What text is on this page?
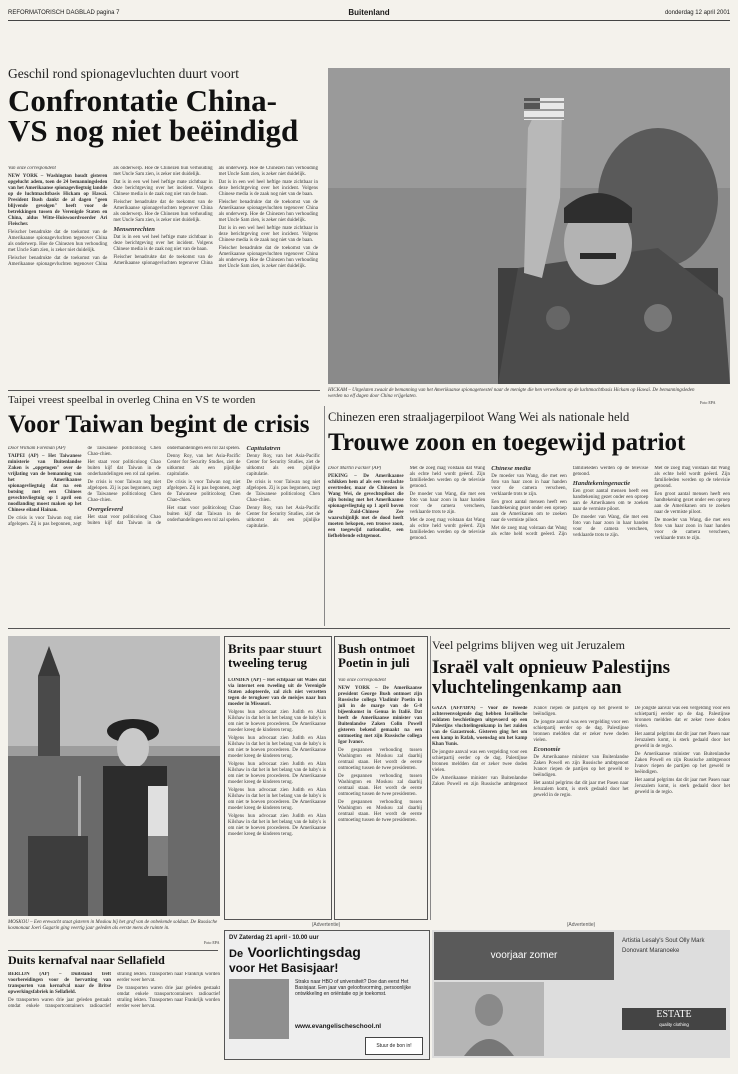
REFORMATORISCH DAGBLAD pagina 7	Buitenland	donderdag 12 april 2001
Geschil rond spionagevluchten duurt voort
Confrontatie China-VS nog niet beëindigd

Van onze correspondent

NEW YORK – Washington houdt gisteren opgelucht adem, toen de 24 bemanningsleden van het Amerikaanse spionagevliegtuig landde op de luchtmachtbasis Hickam op Hawaï. President Bush dankt de al dagen "geen blijvende gevolgen" heeft voor de betrekkingen tussen de Verenigde Staten en China, aldus Witte-Huiswoordvoerder Ari Fleischer.

Fleischer benadrukte dat de toekomst van de Amerikaanse spionagevluchten tegenover China als onderwerp. Hoe de Chinezen hun verhouding met Uncle Sam zien, is zeker niet duidelijk.

Fleischer benadrukte dat de toekomst van de Amerikaanse spionagevluchten tegenover China als onderwerp. Hoe de Chinezen hun verhouding met Uncle Sam zien, is zeker niet duidelijk.

Dat is in een wel heel heftige mate zichtbaar in deze berichtgeving over het incident. Volgens Chinese media is de zaak nog niet van de baan.

Fleischer benadrukte dat de toekomst van de Amerikaanse spionagevluchten tegenover China als onderwerp. Hoe de Chinezen hun verhouding met Uncle Sam zien, is zeker niet duidelijk.

Mensenrechten

Dat is in een wel heel heftige mate zichtbaar in deze berichtgeving over het incident. Volgens Chinese media is de zaak nog niet van de baan.

Fleischer benadrukte dat de toekomst van de Amerikaanse spionagevluchten tegenover China als onderwerp. Hoe de Chinezen hun verhouding met Uncle Sam zien, is zeker niet duidelijk.

Dat is in een wel heel heftige mate zichtbaar in deze berichtgeving over het incident. Volgens Chinese media is de zaak nog niet van de baan.

Fleischer benadrukte dat de toekomst van de Amerikaanse spionagevluchten tegenover China als onderwerp. Hoe de Chinezen hun verhouding met Uncle Sam zien, is zeker niet duidelijk.

Dat is in een wel heel heftige mate zichtbaar in deze berichtgeving over het incident. Volgens Chinese media is de zaak nog niet van de baan.

Fleischer benadrukte dat de toekomst van de Amerikaanse spionagevluchten tegenover China als onderwerp. Hoe de Chinezen hun verhouding met Uncle Sam zien, is zeker niet duidelijk.

HICKAM – Uitgelaten zwaait de bemanning van het Amerikaanse spionagetoestel naar de menigte die hen verwelkomt op de luchtmachtbasis Hickam op Hawaï. De bemanningsleden werden na elf dagen door China vrijgelaten.
Foto EPA
Taipei vreest speelbal in overleg China en VS te worden
Voor Taiwan begint de crisis

Door William Foreman (AP)

TAIPEI (AP) – Het Taiwanese ministerie van Buitenlandse Zaken is „opgetogen" over de vrijlating van de bemanning van het Amerikaanse spionagevliegtuig dat na een botsing met een Chinees gevechtsvliegtuig op 1 april een noodlanding moest maken op het Chinese eiland Hainan.

De crisis is voor Taiwan nog niet afgelopen. Zij is pas begonnen, zegt de Taiwanese politicoloog Chen Chao-chien.

Het staat voor politicoloog Chao buiten kijf dat Taiwan in de onderhandelingen een rol zal spelen.

De crisis is voor Taiwan nog niet afgelopen. Zij is pas begonnen, zegt de Taiwanese politicoloog Chen Chao-chien.

Overgeleverd

Het staat voor politicoloog Chao buiten kijf dat Taiwan in de onderhandelingen een rol zal spelen.

Denny Roy, van het Asia-Pacific Center for Security Studies, ziet de uitkomst als een pijnlijke capitulatie.

De crisis is voor Taiwan nog niet afgelopen. Zij is pas begonnen, zegt de Taiwanese politicoloog Chen Chao-chien.

Het staat voor politicoloog Chao buiten kijf dat Taiwan in de onderhandelingen een rol zal spelen.

Capitulatren

Denny Roy, van het Asia-Pacific Center for Security Studies, ziet de uitkomst als een pijnlijke capitulatie.

De crisis is voor Taiwan nog niet afgelopen. Zij is pas begonnen, zegt de Taiwanese politicoloog Chen Chao-chien.

Denny Roy, van het Asia-Pacific Center for Security Studies, ziet de uitkomst als een pijnlijke capitulatie.

Chinezen eren straaljagerpiloot Wang Wei als nationale held
Trouwe zoon en toegewijd patriot

Door Martin Fackler (AP)

PEKING – De Amerikaanse schikken hem af als een verdachte overtreder, maar de Chinezen is Wang Wei, de gevechtspiloot die zijn botsing met het Amerikaanse spionagevliegtuig op 1 april boven de Zuid-Chinese Zee waarschijnlijk met de dood heeft moeten bekopen, een trouwe zoon, een toegewijd nationalist, een liefhebbende echtgenoot.

Met de zoeg mag volstaan dat Wang als echte held wordt geëerd. Zijn familieleden werden op de televisie getoond.

De moeder van Wang, die met een foto van haar zoon in haar handen voor de camera verscheen, verklaarde trots te zijn.

Met de zoeg mag volstaan dat Wang als echte held wordt geëerd. Zijn familieleden werden op de televisie getoond.

Chinese media

De moeder van Wang, die met een foto van haar zoon in haar handen voor de camera verscheen, verklaarde trots te zijn.

Een groot aantal mensen heeft een handtekening gezet onder een oproep aan de Amerikanen om te zoeken naar de vermiste piloot.

Met de zoeg mag volstaan dat Wang als echte held wordt geëerd. Zijn familieleden werden op de televisie getoond.

Handtekeningenactie

Een groot aantal mensen heeft een handtekening gezet onder een oproep aan de Amerikanen om te zoeken naar de vermiste piloot.

De moeder van Wang, die met een foto van haar zoon in haar handen voor de camera verscheen, verklaarde trots te zijn.

Met de zoeg mag volstaan dat Wang als echte held wordt geëerd. Zijn familieleden werden op de televisie getoond.

Een groot aantal mensen heeft een handtekening gezet onder een oproep aan de Amerikanen om te zoeken naar de vermiste piloot.

De moeder van Wang, die met een foto van haar zoon in haar handen voor de camera verscheen, verklaarde trots te zijn.

MOSKOU – Een erewacht staat gisteren in Moskou bij het graf van de onbekende soldaat. De Russische kosmonaut Joeri Gagarin ging veertig jaar geleden als eerste mens de ruimte in.
Foto EPA
Brits paar stuurt tweeling terug

LONDEN (AP) – Het echtpaar uit Wales dat via internet een tweeling uit de Verenigde Staten adopteerde, zal zich niet verzetten tegen de terugkeer van de meisjes naar hun moeder in Missouri.

Volgens hun advocaat zien Judith en Alan Kilshaw in dat het in het belang van de baby's is om niet te hoeven procederen. De Amerikaanse moeder kreeg de kinderen terug.

Volgens hun advocaat zien Judith en Alan Kilshaw in dat het in het belang van de baby's is om niet te hoeven procederen. De Amerikaanse moeder kreeg de kinderen terug.

Volgens hun advocaat zien Judith en Alan Kilshaw in dat het in het belang van de baby's is om niet te hoeven procederen. De Amerikaanse moeder kreeg de kinderen terug.

Volgens hun advocaat zien Judith en Alan Kilshaw in dat het in het belang van de baby's is om niet te hoeven procederen. De Amerikaanse moeder kreeg de kinderen terug.

Volgens hun advocaat zien Judith en Alan Kilshaw in dat het in het belang van de baby's is om niet te hoeven procederen. De Amerikaanse moeder kreeg de kinderen terug.

Bush ontmoet Poetin in juli

Van onze correspondent

NEW YORK – De Amerikaanse president George Bush ontmoet zijn Russische collega Vladimir Poetin in juli in de marge van de G-8 bijeenkomst in Genua in Italië. Dat heeft de Amerikaanse minister van Buitenlandse Zaken Colin Powell gisteren bekend gemaakt na een ontmoeting met zijn Russische collega Igor Ivanov.

De gespannen verhouding tussen Washington en Moskou zal daarbij centraal staan. Het wordt de eerste ontmoeting tussen de twee presidenten.

De gespannen verhouding tussen Washington en Moskou zal daarbij centraal staan. Het wordt de eerste ontmoeting tussen de twee presidenten.

De gespannen verhouding tussen Washington en Moskou zal daarbij centraal staan. Het wordt de eerste ontmoeting tussen de twee presidenten.

Veel pelgrims blijven weg uit Jeruzalem
Israël valt opnieuw Palestijns vluchtelingenkamp aan

GAZA (AFP/DPA) – Voor de tweede achtereenvolgende dag hebben Israëlische soldaten beschietingen uitgevoerd op een Palestijns vluchtelingenkamp in het zuiden van de Gazastrook. Gisteren ging het om een kamp in Rafah, woensdag om het kamp Khan Yunis.

De jongste aanval was een vergelding voor een schietpartij eerder op de dag. Palestijnse bronnen meldden dat er zeker twee doden vielen.

De Amerikaanse minister van Buitenlandse Zaken Powell en zijn Russische ambtgenoot Ivanov riepen de partijen op het geweld te beëindigen.

De jongste aanval was een vergelding voor een schietpartij eerder op de dag. Palestijnse bronnen meldden dat er zeker twee doden vielen.

Economie

De Amerikaanse minister van Buitenlandse Zaken Powell en zijn Russische ambtgenoot Ivanov riepen de partijen op het geweld te beëindigen.

Het aantal pelgrims dat dit jaar met Pasen naar Jeruzalem komt, is sterk gedaald door het geweld in de regio.

De jongste aanval was een vergelding voor een schietpartij eerder op de dag. Palestijnse bronnen meldden dat er zeker twee doden vielen.

Het aantal pelgrims dat dit jaar met Pasen naar Jeruzalem komt, is sterk gedaald door het geweld in de regio.

De Amerikaanse minister van Buitenlandse Zaken Powell en zijn Russische ambtgenoot Ivanov riepen de partijen op het geweld te beëindigen.

Het aantal pelgrims dat dit jaar met Pasen naar Jeruzalem komt, is sterk gedaald door het geweld in de regio.

Duits kernafval naar Sellafield

BERLIJN (AP) – Duitsland treft voorbereidingen voor de hervatting van transporten van kernafval naar de Britse opwerkingsfabriek in Sellafield.

De transporten waren drie jaar geleden gestaakt omdat enkele transportcontainers radioactief straling lekten. Transporten naar Frankrijk worden eerder weer hervat.

De transporten waren drie jaar geleden gestaakt omdat enkele transportcontainers radioactief straling lekten. Transporten naar Frankrijk worden eerder weer hervat.

(Advertentie)
DV Zaterdag 21 april - 10.00 uur
De Voorlichtingsdag
voor Het Basisjaar!
Straks naar HBO of universiteit? Doe dan eerst Het Basisjaar. Een jaar van geloofsvorming, persoonlijke ontwikkeling en oriëntatie op je toekomst.
www.evangelischeschool.nl
Stuur de bon in!
(Advertentie)
voorjaar zomer
Artistia Lesaly's Sout Olly Mark Donovant Maranoeke
ESTATE
quality clothing
